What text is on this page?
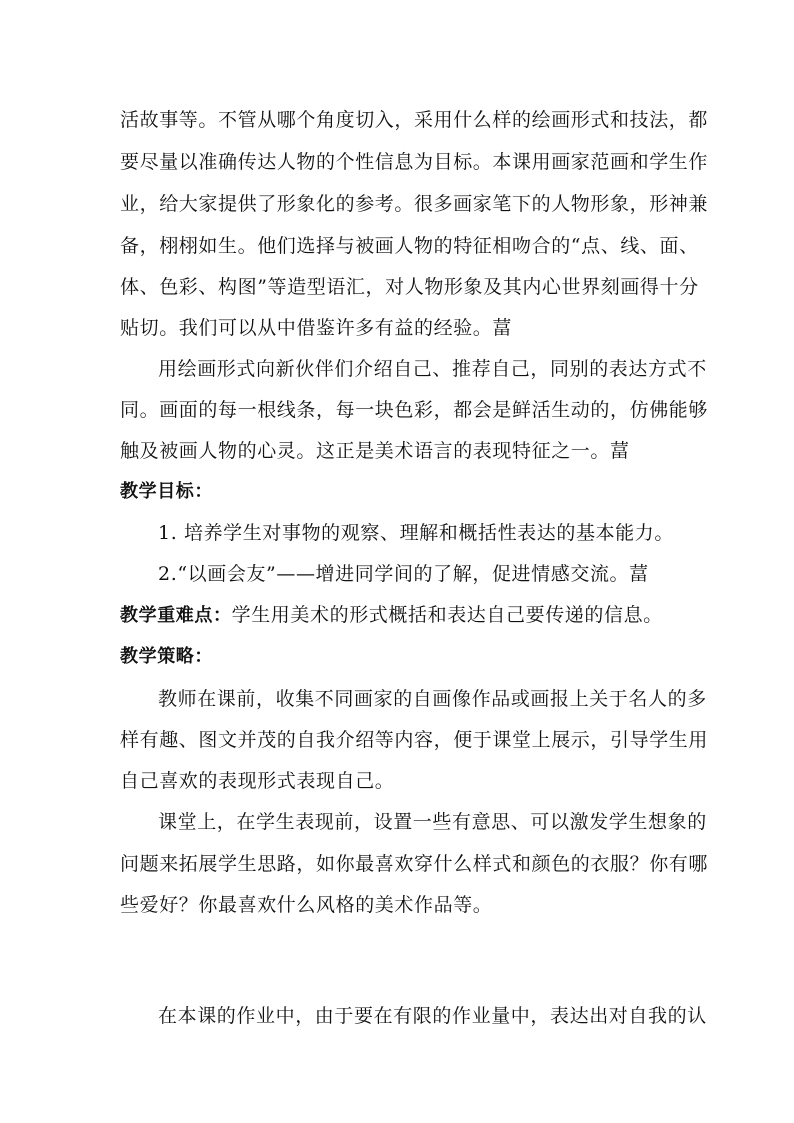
活故事等。不管从哪个角度切入，采用什么样的绘画形式和技法，都
要尽量以准确传达人物的个性信息为目标。本课用画家范画和学生作
业，给大家提供了形象化的参考。很多画家笔下的人物形象，形神兼
备，栩栩如生。他们选择与被画人物的特征相吻合的“点、线、面、
体、色彩、构图”等造型语汇，对人物形象及其内心世界刻画得十分
贴切。我们可以从中借鉴许多有益的经验。葍
用绘画形式向新伙伴们介绍自己、推荐自己，同别的表达方式不
同。画面的每一根线条，每一块色彩，都会是鲜活生动的，仿佛能够
触及被画人物的心灵。这正是美术语言的表现特征之一。葍
教学目标：
1. 培养学生对事物的观察、理解和概括性表达的基本能力。
2.“以画会友”——增进同学间的了解，促进情感交流。葍
教学重难点：学生用美术的形式概括和表达自己要传递的信息。
教学策略：
教师在课前，收集不同画家的自画像作品或画报上关于名人的多
样有趣、图文并茂的自我介绍等内容，便于课堂上展示，引导学生用
自己喜欢的表现形式表现自己。
课堂上，在学生表现前，设置一些有意思、可以激发学生想象的
问题来拓展学生思路，如你最喜欢穿什么样式和颜色的衣服？你有哪
些爱好？你最喜欢什么风格的美术作品等。
在本课的作业中，由于要在有限的作业量中，表达出对自我的认
